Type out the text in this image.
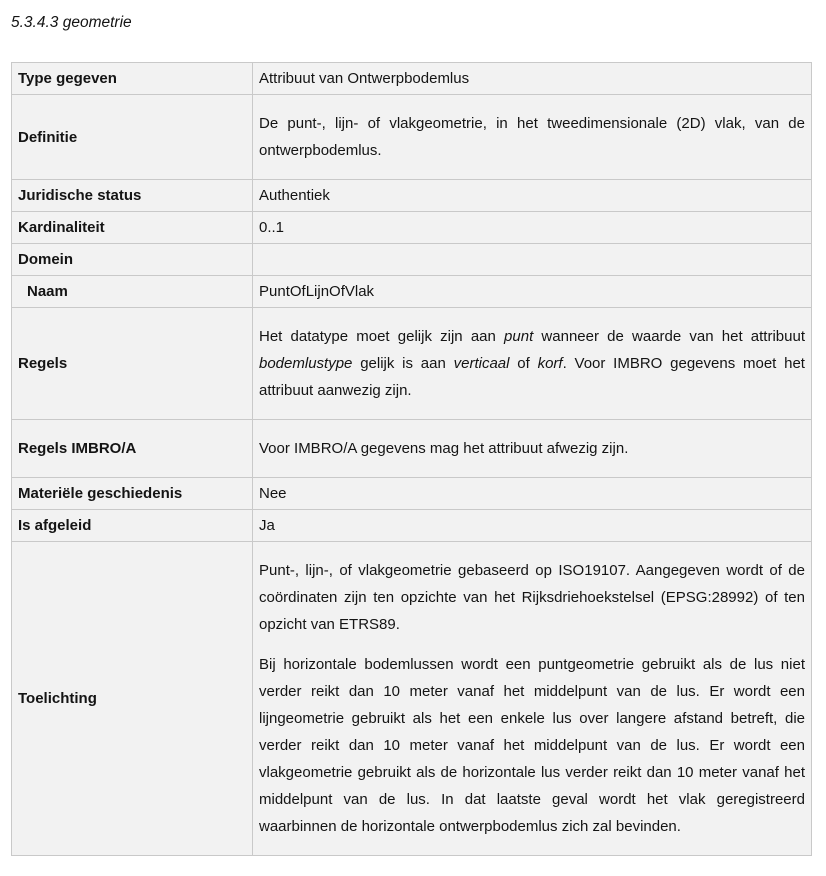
5.3.4.3 geometrie
Type gegeven	Attribuut van Ontwerpbodemlus
Definitie	De punt-, lijn- of vlakgeometrie, in het tweedimensionale (2D) vlak, van de ontwerpbodemlus.

Juridische status	Authentiek
Kardinaliteit	0..1
Domein	
Naam	PuntOfLijnOfVlak
Regels	Het datatype moet gelijk zijn aan punt wanneer de waarde van het attribuut bodemlustype gelijk is aan verticaal of korf. Voor IMBRO gegevens moet het attribuut aanwezig zijn.

Regels IMBRO/A	Voor IMBRO/A gegevens mag het attribuut afwezig zijn.

Materiële geschiedenis	Nee
Is afgeleid	Ja
Toelichting	Punt-, lijn-, of vlakgeometrie gebaseerd op ISO19107. Aangegeven wordt of de coördinaten zijn ten opzichte van het Rijksdriehoekstelsel (EPSG:28992) of ten opzicht van ETRS89.

Bij horizontale bodemlussen wordt een puntgeometrie gebruikt als de lus niet verder reikt dan 10 meter vanaf het middelpunt van de lus. Er wordt een lijngeometrie gebruikt als het een enkele lus over langere afstand betreft, die verder reikt dan 10 meter vanaf het middelpunt van de lus. Er wordt een vlakgeometrie gebruikt als de horizontale lus verder reikt dan 10 meter vanaf het middelpunt van de lus. In dat laatste geval wordt het vlak geregistreerd waarbinnen de horizontale ontwerpbodemlus zich zal bevinden.
